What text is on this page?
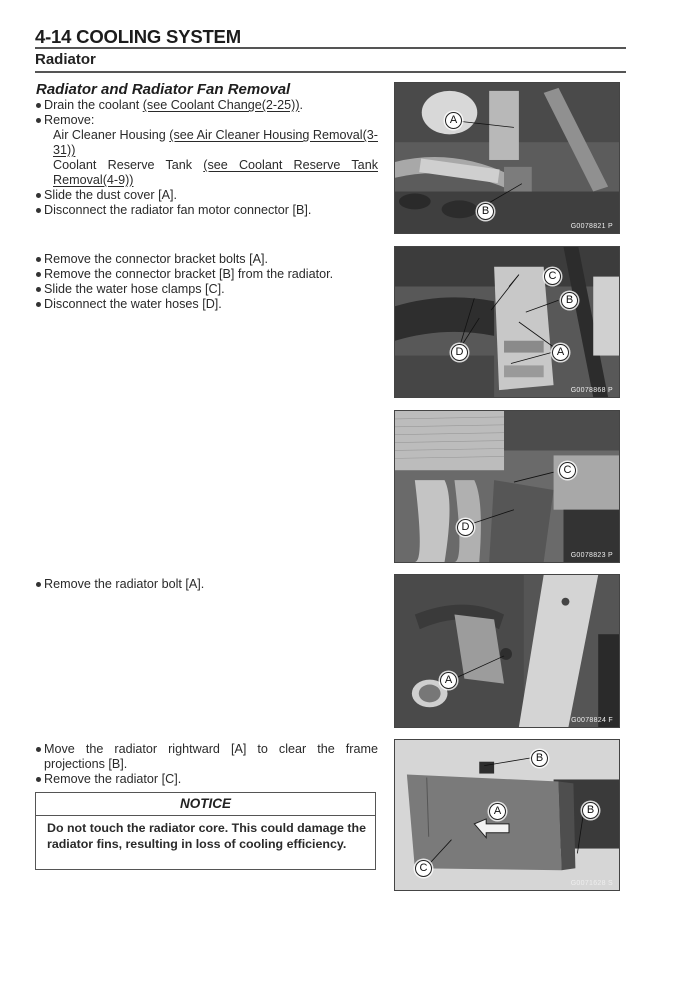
4-14 COOLING SYSTEM
Radiator
Radiator and Radiator Fan Removal
Drain the coolant (see Coolant Change(2-25)).
Remove:
Air Cleaner Housing (see Air Cleaner Housing Removal(3-31))
Coolant Reserve Tank (see Coolant Reserve Tank Removal(4-9))
Slide the dust cover [A].
Disconnect the radiator fan motor connector [B].
Remove the connector bracket bolts [A].
Remove the connector bracket [B] from the radiator.
Slide the water hose clamps [C].
Disconnect the water hoses [D].
Remove the radiator bolt [A].
Move the radiator rightward [A] to clear the frame projections [B].
Remove the radiator [C].
NOTICE
Do not touch the radiator core. This could damage the radiator fins, resulting in loss of cooling efficiency.
A
B
G0078821 P
C
B
D	A
G0078868 P
C
D
G0078823 P
A
G0078824 F
B
A	B
C
G0071628 S
